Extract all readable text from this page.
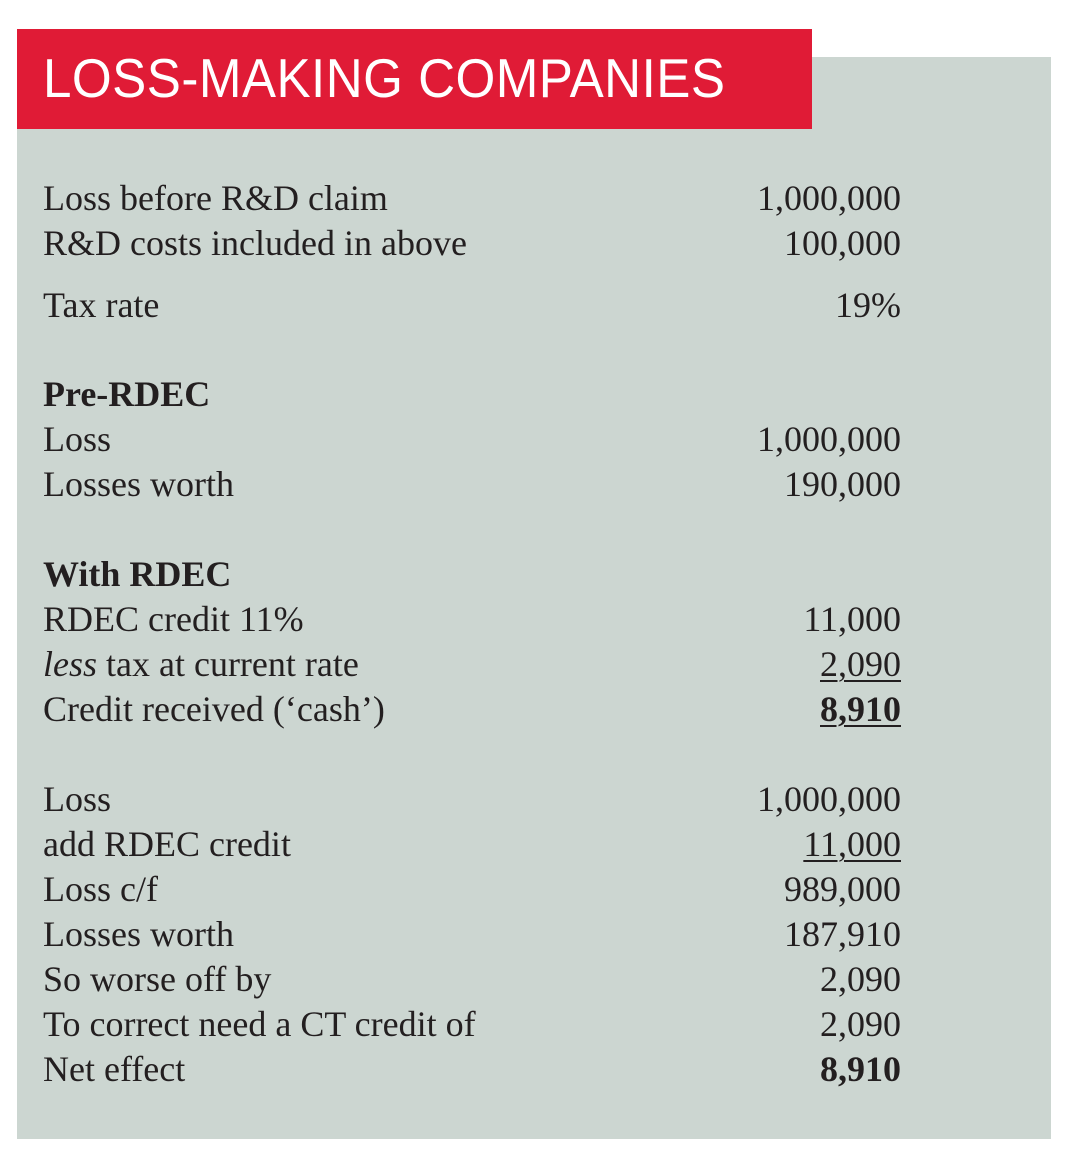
LOSS-MAKING COMPANIES
Loss before R&D claim	1,000,000
R&D costs included in above	100,000
Tax rate	19%
Pre-RDEC
Loss	1,000,000
Losses worth	190,000
With RDEC
RDEC credit 11%	11,000
less tax at current rate	2,090
Credit received (‘cash’)	8,910
Loss	1,000,000
add RDEC credit	11,000
Loss c/f	989,000
Losses worth	187,910
So worse off by	2,090
To correct need a CT credit of	2,090
Net effect	8,910
